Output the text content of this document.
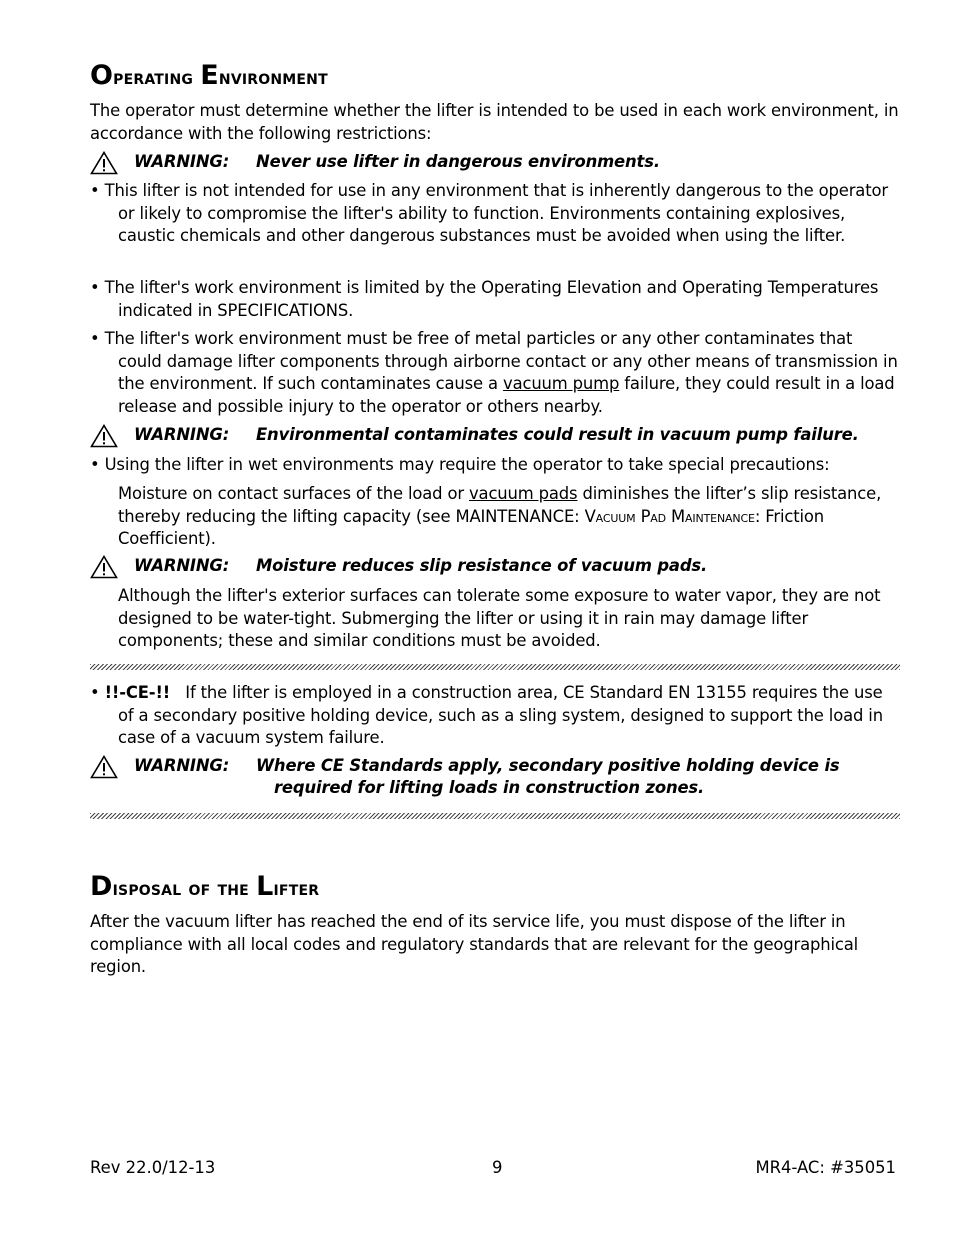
Operating Environment
The operator must determine whether the lifter is intended to be used in each work environment, in accordance with the following restrictions:
WARNING: Never use lifter in dangerous environments.
• This lifter is not intended for use in any environment that is inherently dangerous to the operator or likely to compromise the lifter's ability to function. Environments containing explosives, caustic chemicals and other dangerous substances must be avoided when using the lifter.
• The lifter's work environment is limited by the Operating Elevation and Operating Temperatures indicated in SPECIFICATIONS.
• The lifter's work environment must be free of metal particles or any other contaminates that could damage lifter components through airborne contact or any other means of transmission in the environment. If such contaminates cause a vacuum pump failure, they could result in a load release and possible injury to the operator or others nearby.
WARNING: Environmental contaminates could result in vacuum pump failure.
• Using the lifter in wet environments may require the operator to take special precautions:
Moisture on contact surfaces of the load or vacuum pads diminishes the lifter’s slip resistance, thereby reducing the lifting capacity (see MAINTENANCE: Vacuum Pad Maintenance: Friction Coefficient).
WARNING: Moisture reduces slip resistance of vacuum pads.
Although the lifter's exterior surfaces can tolerate some exposure to water vapor, they are not designed to be water-tight. Submerging the lifter or using it in rain may damage lifter components; these and similar conditions must be avoided.
• !!-CE-!!   If the lifter is employed in a construction area, CE Standard EN 13155 requires the use of a secondary positive holding device, such as a sling system, designed to support the load in case of a vacuum system failure.
WARNING: Where CE Standards apply, secondary positive holding device is
required for lifting loads in construction zones.
Disposal of the Lifter
After the vacuum lifter has reached the end of its service life, you must dispose of the lifter in compliance with all local codes and regulatory standards that are relevant for the geographical region.
Rev 22.0/12-13	9	MR4-AC: #35051
